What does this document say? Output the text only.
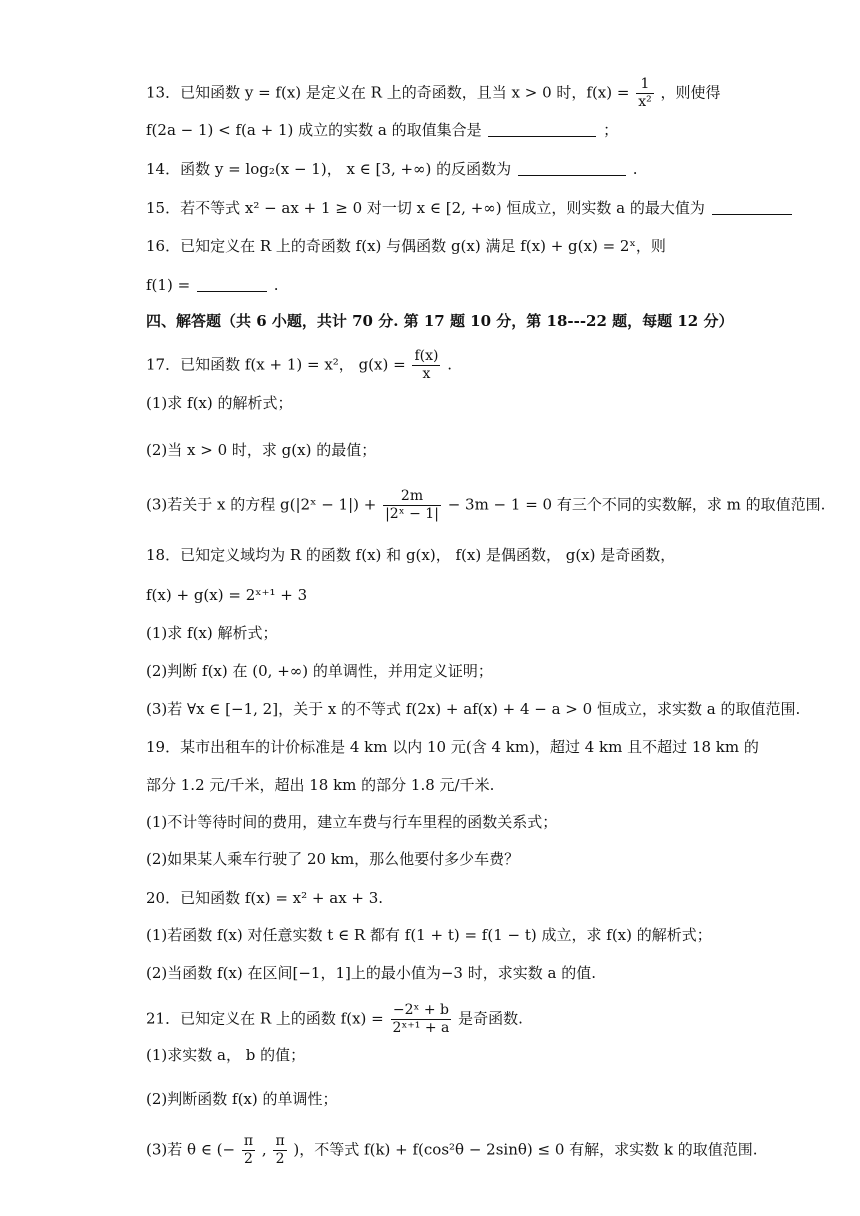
13．已知函数 y = f(x) 是定义在 R 上的奇函数，且当 x > 0 时，$f(x) = \frac{1}{\text{x²}}$ ，则使得
f(2a − 1) < f(a + 1) 成立的实数 a 的取值集合是	；
14．函数 y = log₂(x − 1)， x ∈ [3, +∞) 的反函数为	.
15．若不等式 x² − ax + 1 ≥ 0 对一切 x ∈ [2, +∞) 恒成立，则实数 a 的最大值为
16．已知定义在 R 上的奇函数 f(x) 与偶函数 g(x) 满足 f(x) + g(x) = 2ˣ，则
f(1) =	.
四、解答题（共 6 小题，共计 70 分. 第 17 题 10 分，第 18---22 题，每题 12 分）
17．已知函数 f(x + 1) = x²， $g(x) = \frac{f(x)}{x}$ .
(1)求 f(x) 的解析式；
(2)当 x > 0 时，求 g(x) 的最值；
(3)若关于 x 的方程 g(|2ˣ − $1|) + \frac{2m}{\text{|2ˣ − 1|}} - 3m - 1 = 0$ 有三个不同的实数解，求 m 的取值范围.
18．已知定义域均为 R 的函数 f(x) 和 g(x)， f(x) 是偶函数， g(x) 是奇函数，
f(x) + g(x) = 2ˣ⁺¹ + 3
(1)求 f(x) 解析式；
(2)判断 f(x) 在 (0, +∞) 的单调性，并用定义证明；
(3)若 ∀x ∈ [−1, 2]，关于 x 的不等式 f(2x) + af(x) + 4 − a > 0 恒成立，求实数 a 的取值范围.
19．某市出租车的计价标准是 4 km 以内 10 元(含 4 km)，超过 4 km 且不超过 18 km 的
部分 1.2 元/千米，超出 18 km 的部分 1.8 元/千米.
(1)不计等待时间的费用，建立车费与行车里程的函数关系式；
(2)如果某人乘车行驶了 20 km，那么他要付多少车费？
20．已知函数 f(x) = x² + ax + 3.
(1)若函数 f(x) 对任意实数 t ∈ R 都有 f(1 + t) = f(1 − t) 成立，求 f(x) 的解析式；
(2)当函数 f(x) 在区间[−1，1]上的最小值为−3 时，求实数 a 的值.
21．已知定义在 R 上的函数 $f(x) = \frac{\text{−2ˣ + b}}{\text{2ˣ⁺¹ + a}}$ 是奇函数.
(1)求实数 a， b 的值；
(2)判断函数 f(x) 的单调性；
(3)若 θ ∈ (− $\frac{\pi}{2}$ , $\frac{\pi}{2}$ )，不等式 f(k) + f(cos²θ − 2sinθ) ≤ 0 有解，求实数 k 的取值范围.
